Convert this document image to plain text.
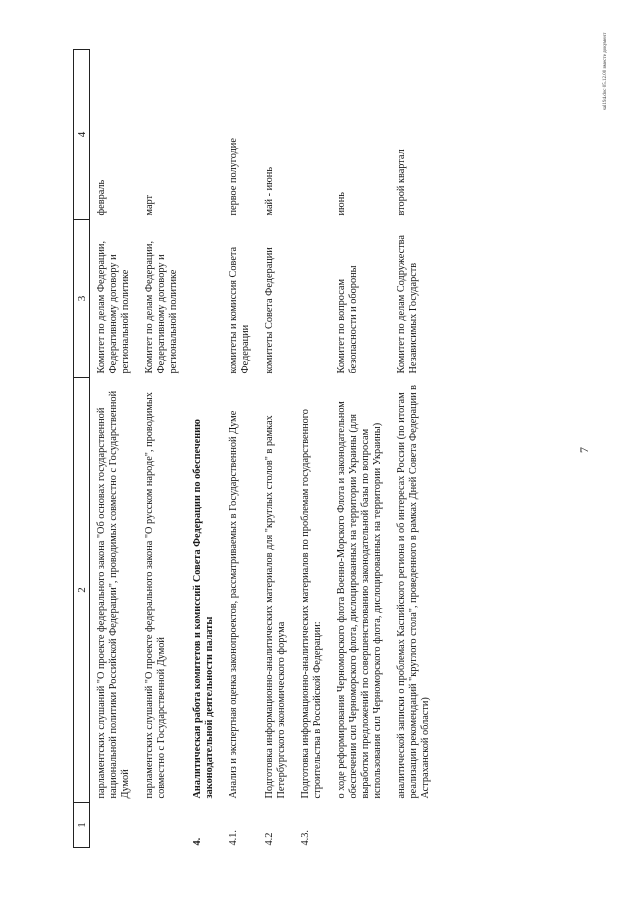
7
1	2	3	4
	парламентских слушаний "О проекте федерального закона "Об основах государственной национальной политики Российской Федерации", проводимых совместно с Государственной Думой	Комитет по делам Федерации, Федеративному договору и региональной политике	февраль
	парламентских слушаний "О проекте федерального закона "О русском народе", проводимых совместно с Государственной Думой	Комитет по делам Федерации, Федеративному договору и региональной политике	март
4.	Аналитическая работа комитетов и комиссий Совета Федерации по обеспечению законодательной деятельности палаты		
4.1.	Анализ и экспертная оценка законопроектов, рассматриваемых в Государственной Думе	комитеты и комиссия Совета Федерации	первое полугодие
4.2	Подготовка информационно-аналитических материалов для "круглых столов" в рамках Петербургского экономического форума	комитеты Совета Федерации	май - июнь
4.3.	Подготовка информационно-аналитических материалов по проблемам государственного строительства в Российской Федерации:		
	о ходе реформирования Черноморского флота Военно-Морского Флота и законодательном обеспечении сил Черноморского флота, дислоцированных на территории Украины (для выработки предложений по совершенствованию законодательной базы по вопросам использования сил Черноморского флота, дислоцированных на территории Украины)	Комитет по вопросам безопасности и обороны	июнь
	аналитической записки о проблемах Каспийского региона и об интересах России (по итогам реализации рекомендаций "круглого стола", проведенного в рамках Дней Совета Федерации в Астраханской области)	Комитет по делам Содружества Независимых Государств	второй квартал
sal194.doc 05.12.00 вместе документ
